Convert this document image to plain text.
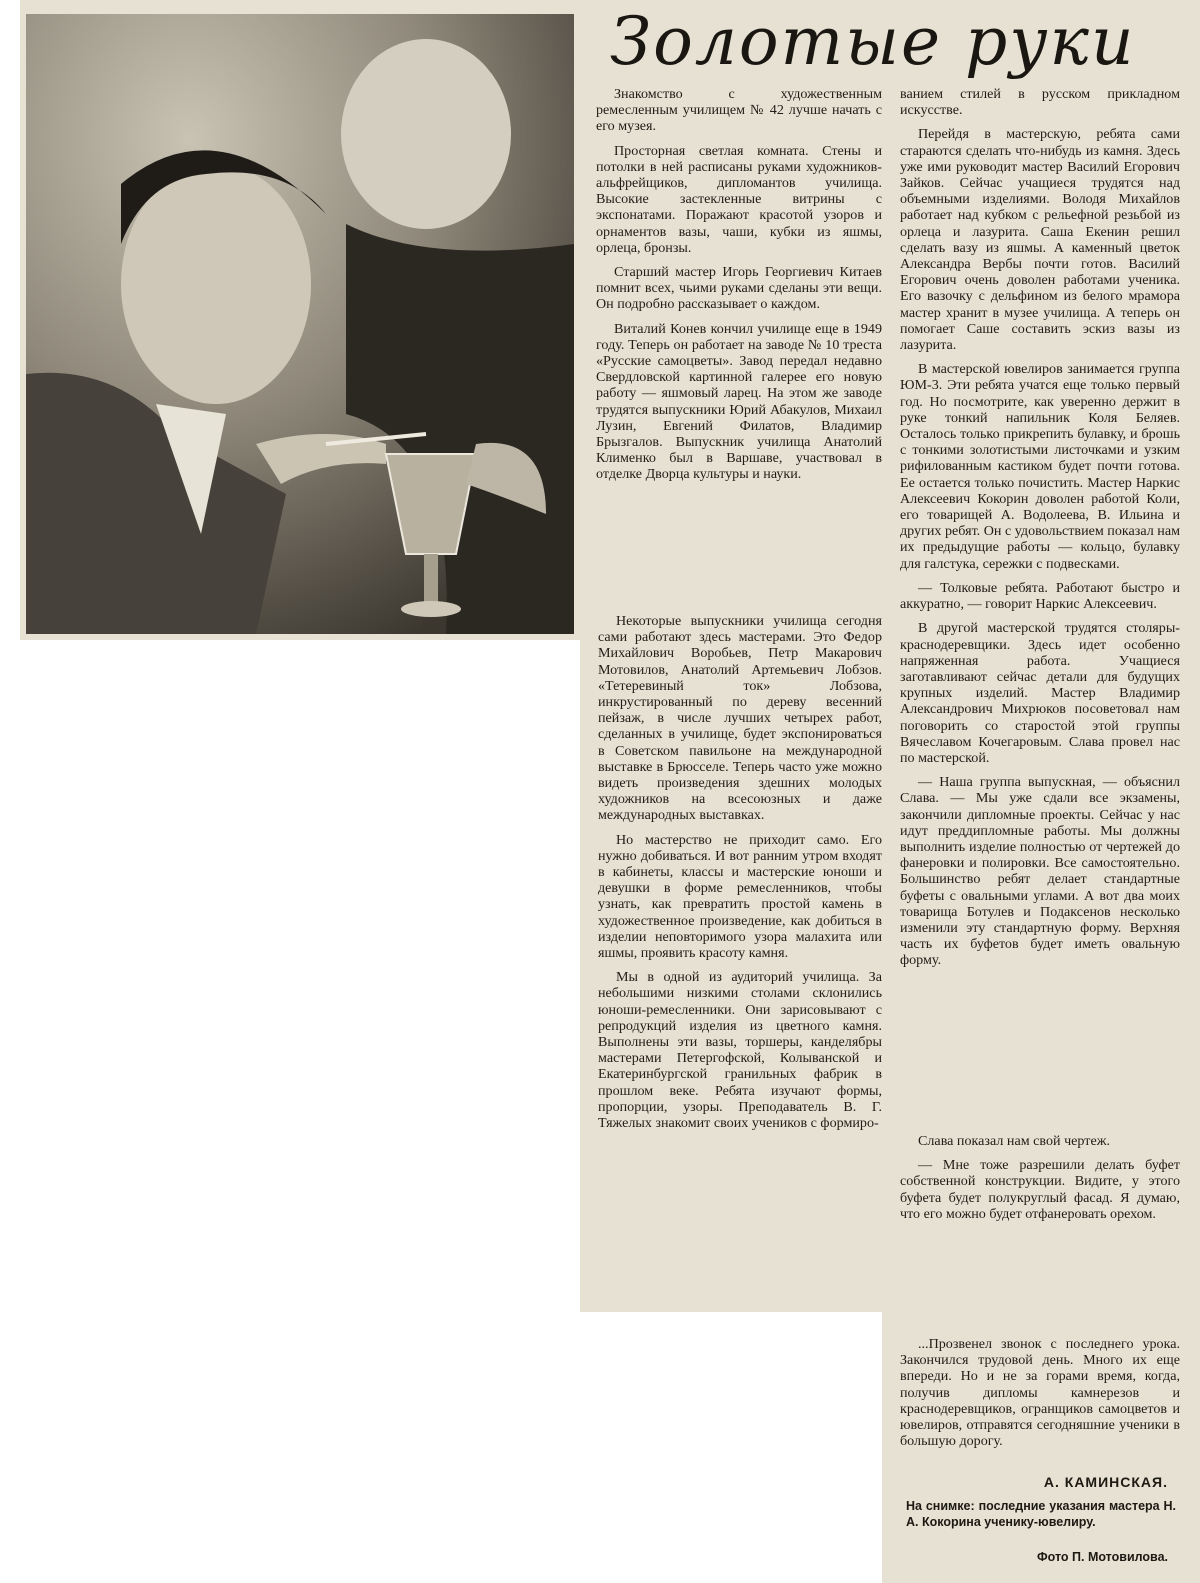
Золотые руки

Знакомство с художественным ремесленным училищем № 42 лучше начать с его музея.

Просторная светлая комната. Стены и потолки в ней расписаны руками художников-альфрейщиков, дипломантов училища. Высокие застекленные витрины с экспонатами. Поражают красотой узоров и орнаментов вазы, чаши, кубки из яшмы, орлеца, бронзы.

Старший мастер Игорь Георгиевич Китаев помнит всех, чьими руками сделаны эти вещи. Он подробно рассказывает о каждом.

Виталий Конев кончил училище еще в 1949 году. Теперь он работает на заводе № 10 треста «Русские самоцветы». Завод передал недавно Свердловской картинной галерее его новую работу — яшмовый ларец. На этом же заводе трудятся выпускники Юрий Абакулов, Михаил Лузин, Евгений Филатов, Владимир Брызгалов. Выпускник училища Анатолий Клименко был в Варшаве, участвовал в отделке Дворца культуры и науки.

Некоторые выпускники училища сегодня сами работают здесь мастерами. Это Федор Михайлович Воробьев, Петр Макарович Мотовилов, Анатолий Артемьевич Лобзов. «Тетеревиный ток» Лобзова, инкрустированный по дереву весенний пейзаж, в числе лучших четырех работ, сделанных в училище, будет экспонироваться в Советском павильоне на международной выставке в Брюсселе. Теперь часто уже можно видеть произведения здешних молодых художников на всесоюзных и даже международных выставках.

Но мастерство не приходит само. Его нужно добиваться. И вот ранним утром входят в кабинеты, классы и мастерские юноши и девушки в форме ремесленников, чтобы узнать, как превратить простой камень в художественное произведение, как добиться в изделии неповторимого узора малахита или яшмы, проявить красоту камня.

Мы в одной из аудиторий училища. За небольшими низкими столами склонились юноши-ремесленники. Они зарисовывают с репродукций изделия из цветного камня. Выполнены эти вазы, торшеры, канделябры мастерами Петергофской, Колыванской и Екатеринбургской гранильных фабрик в прошлом веке. Ребята изучают формы, пропорции, узоры. Преподаватель В. Г. Тяжелых знакомит своих учеников с формиро-

ванием стилей в русском прикладном искусстве.

Перейдя в мастерскую, ребята сами стараются сделать что-нибудь из камня. Здесь уже ими руководит мастер Василий Егорович Зайков. Сейчас учащиеся трудятся над объемными изделиями. Володя Михайлов работает над кубком с рельефной резьбой из орлеца и лазурита. Саша Екенин решил сделать вазу из яшмы. А каменный цветок Александра Вербы почти готов. Василий Егорович очень доволен работами ученика. Его вазочку с дельфином из белого мрамора мастер хранит в музее училища. А теперь он помогает Саше составить эскиз вазы из лазурита.

В мастерской ювелиров занимается группа ЮМ-3. Эти ребята учатся еще только первый год. Но посмотрите, как уверенно держит в руке тонкий напильник Коля Беляев. Осталось только прикрепить булавку, и брошь с тонкими золотистыми листочками и узким рифилованным кастиком будет почти готова. Ее остается только почистить. Мастер Наркис Алексеевич Кокорин доволен работой Коли, его товарищей А. Водолеева, В. Ильина и других ребят. Он с удовольствием показал нам их предыдущие работы — кольцо, булавку для галстука, сережки с подвесками.

— Толковые ребята. Работают быстро и аккуратно, — говорит Наркис Алексеевич.

В другой мастерской трудятся столяры-краснодеревщики. Здесь идет особенно напряженная работа. Учащиеся заготавливают сейчас детали для будущих крупных изделий. Мастер Владимир Александрович Михрюков посоветовал нам поговорить со старостой этой группы Вячеславом Кочегаровым. Слава провел нас по мастерской.

— Наша группа выпускная, — объяснил Слава. — Мы уже сдали все экзамены, закончили дипломные проекты. Сейчас у нас идут преддипломные работы. Мы должны выполнить изделие полностью от чертежей до фанеровки и полировки. Все самостоятельно. Большинство ребят делает стандартные буфеты с овальными углами. А вот два моих товарища Ботулев и Подаксенов несколько изменили эту стандартную форму. Верхняя часть их буфетов будет иметь овальную форму.

Слава показал нам свой чертеж.

— Мне тоже разрешили делать буфет собственной конструкции. Видите, у этого буфета будет полукруглый фасад. Я думаю, что его можно будет отфанеровать орехом.

...Прозвенел звонок с последнего урока. Закончился трудовой день. Много их еще впереди. Но и не за горами время, когда, получив дипломы камнерезов и краснодеревщиков, огранщиков самоцветов и ювелиров, отправятся сегодняшние ученики в большую дорогу.

А. КАМИНСКАЯ.
На снимке: последние указания мастера Н. А. Кокорина ученику-ювелиру.
Фото П. Мотовилова.
